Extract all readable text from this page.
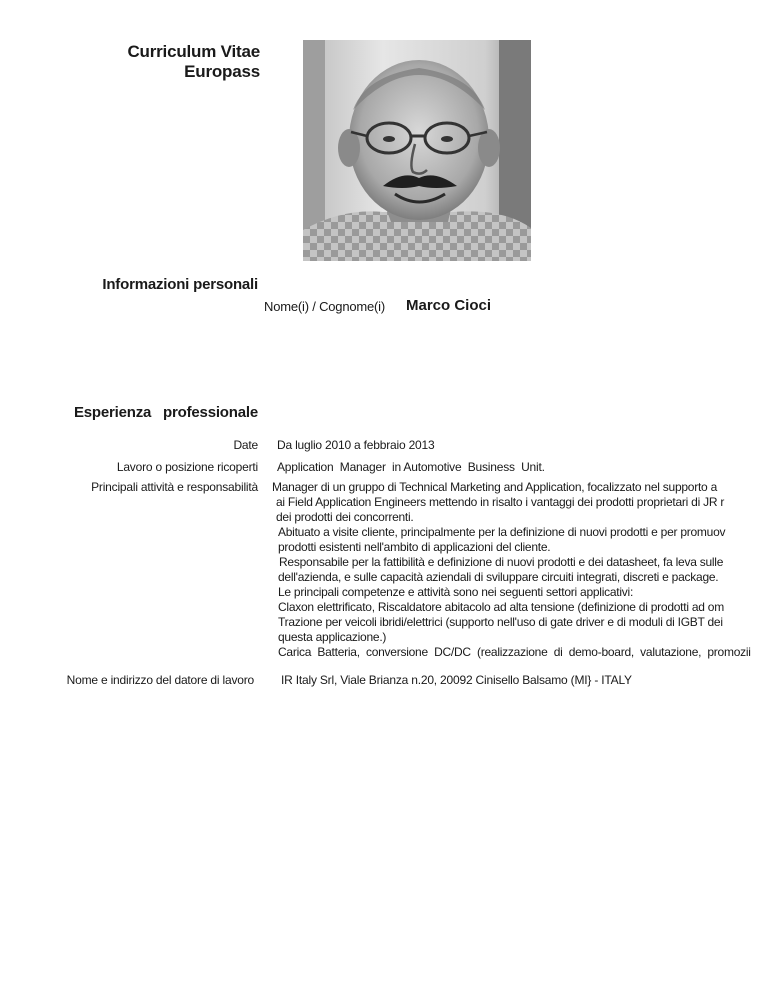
Curriculum Vitae
Europass
Informazioni personali
Nome(i) / Cognome(i) Marco Cioci
Esperienza   professionale
Date Da luglio 2010 a febbraio 2013
Lavoro o posizione ricoperti Application  Manager  in Automotive  Business  Unit.
Principali attività e responsabilità Manager di un gruppo di Technical Marketing and Application, focalizzato nel supporto a
ai Field Application Engineers mettendo in risalto i vantaggi dei prodotti proprietari di JR r
dei prodotti dei concorrenti.
Abituato a visite cliente, principalmente per la definizione di nuovi prodotti e per promuov
prodotti esistenti nell'ambito di applicazioni del cliente.
Responsabile per la fattibilità e definizione di nuovi prodotti e dei datasheet, fa leva sulle
dell'azienda, e sulle capacità aziendali di sviluppare circuiti integrati, discreti e package.
Le principali competenze e attività sono nei seguenti settori applicativi:
Claxon elettrificato, Riscaldatore abitacolo ad alta tensione (definizione di prodotti ad om
Trazione per veicoli ibridi/elettrici (supporto nell'uso di gate driver e di moduli di IGBT dei
questa applicazione.)
Carica  Batteria,  conversione  DC/DC  (realizzazione  di  demo-board,  valutazione,  promozii
Nome e indirizzo del datore di lavoro IR Italy Srl, Viale Brianza n.20, 20092 Cinisello Balsamo (MI} - ITALY
